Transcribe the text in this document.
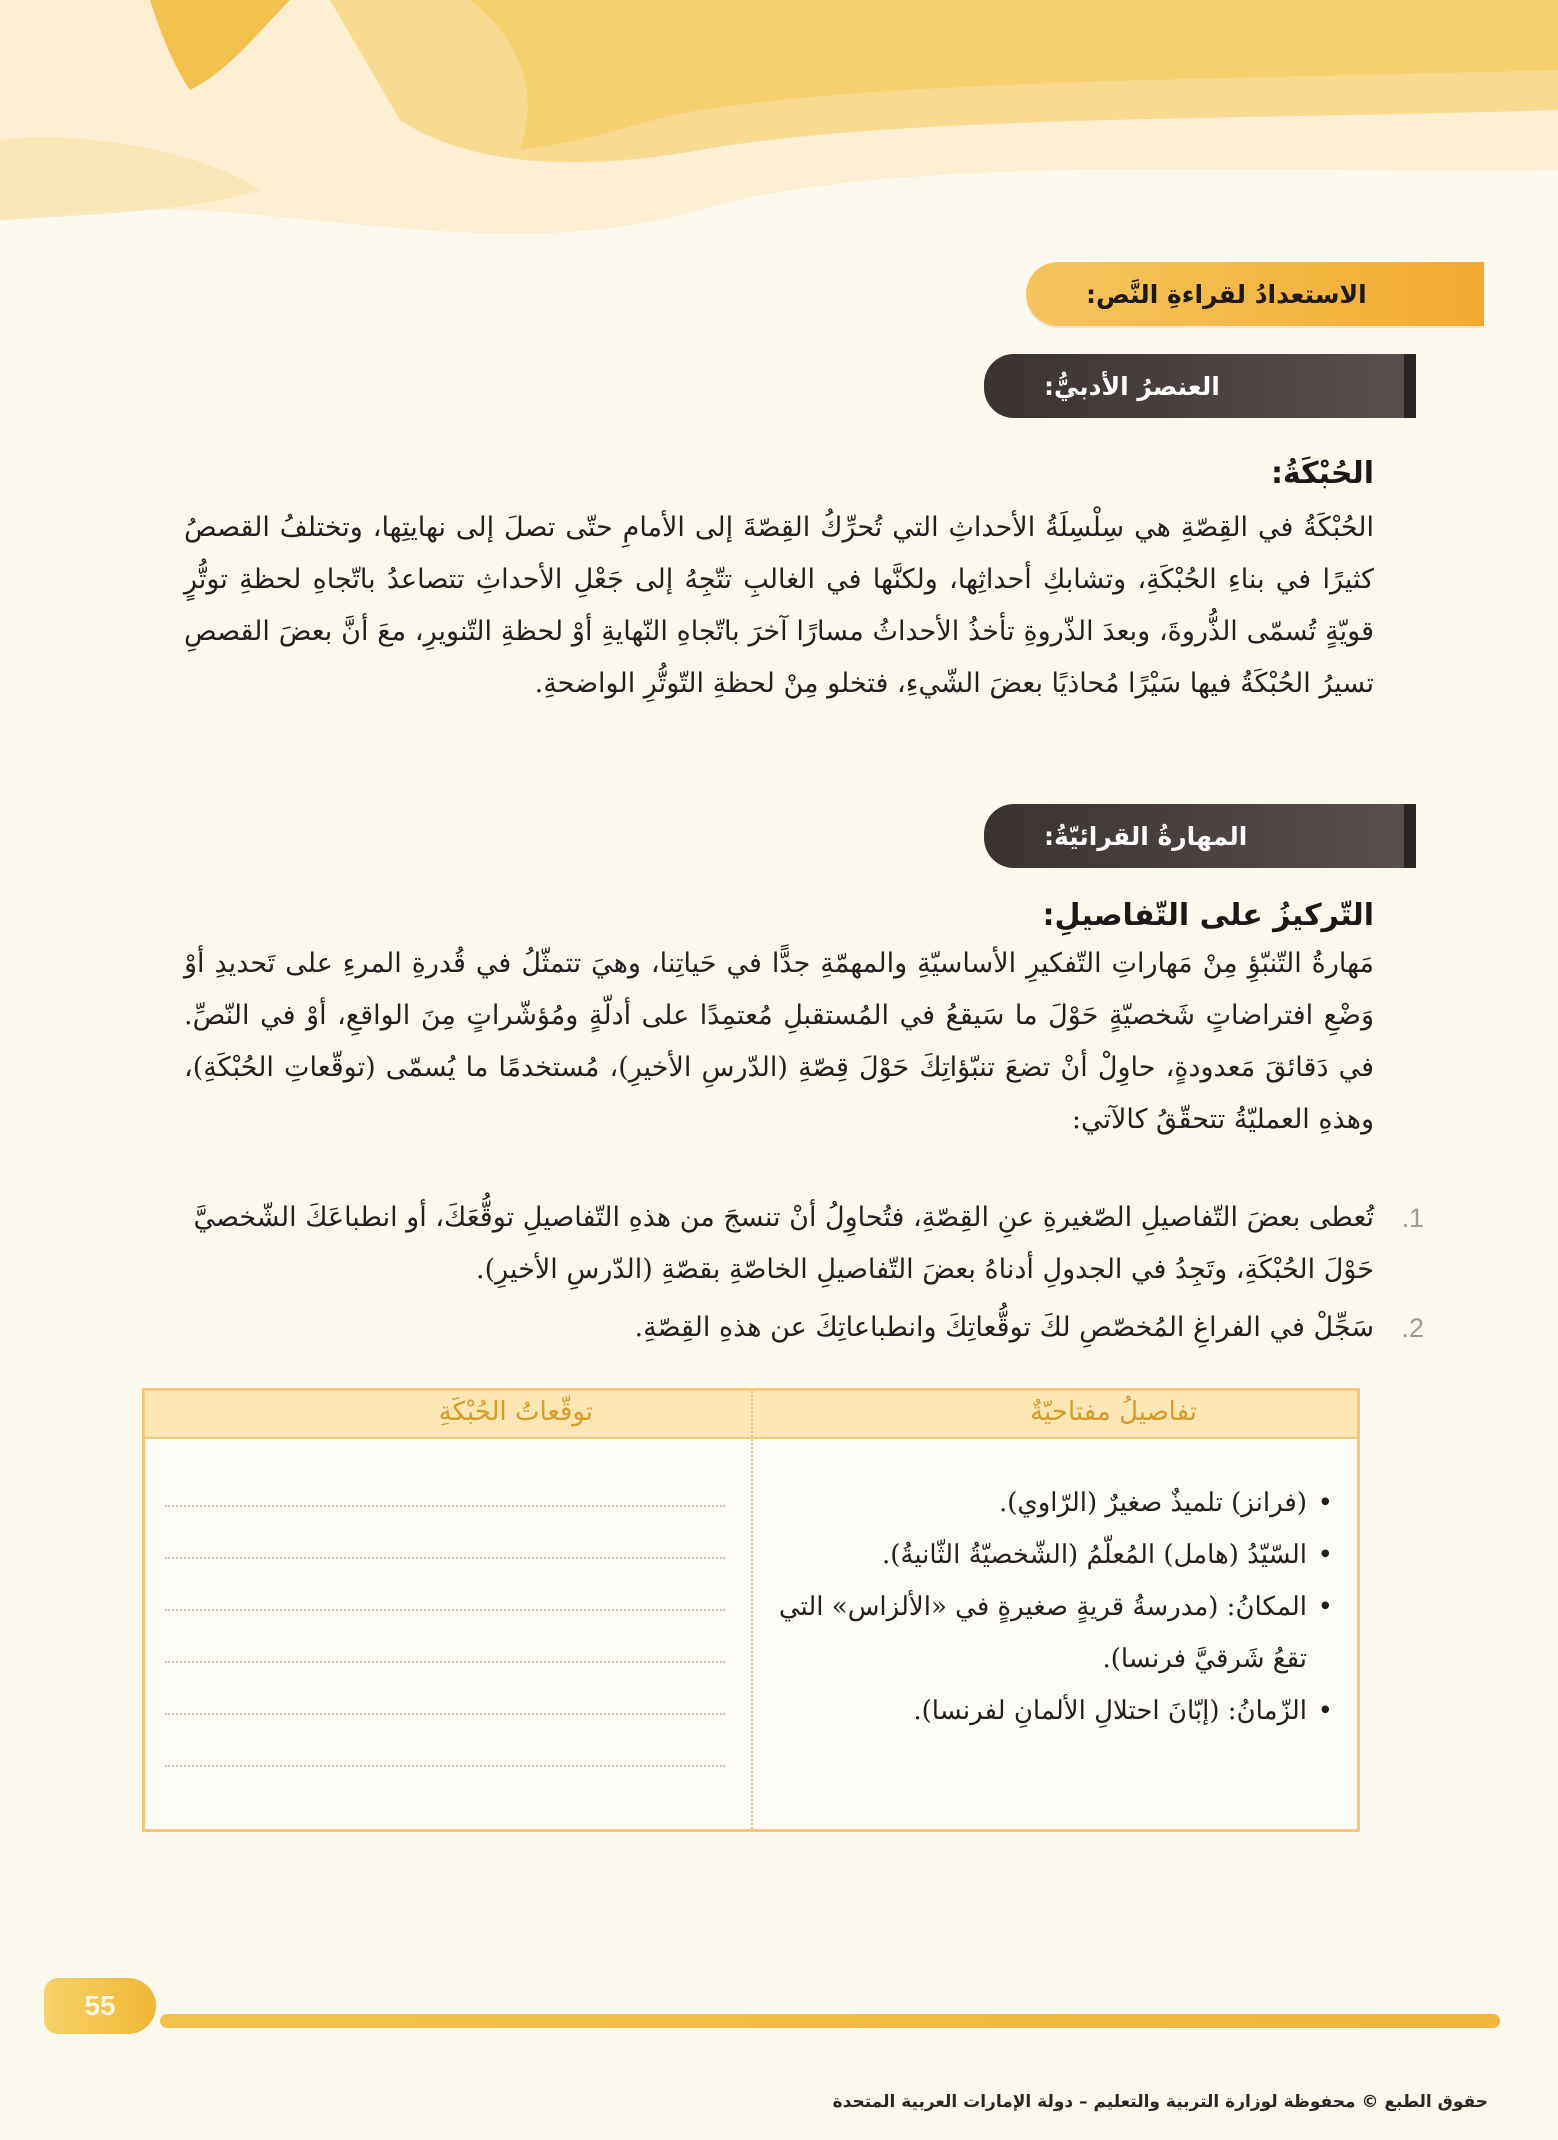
الاستعدادُ لقراءةِ النَّص:
العنصرُ الأدبيُّ:
الحُبْكَةُ:
الحُبْكَةُ في القِصّةِ هي سِلْسِلَةُ الأحداثِ التي تُحرِّكُ القِصّةَ إلى الأمامِ حتّى تصلَ إلى نهايتِها، وتختلفُ القصصُ كثيرًا في بناءِ الحُبْكَةِ، وتشابكِ أحداثِها، ولكنَّها في الغالبِ تتّجِهُ إلى جَعْلِ الأحداثِ تتصاعدُ باتّجاهِ لحظةِ توتُّرٍ قويّةٍ تُسمّى الذُّروةَ، وبعدَ الذّروةِ تأخذُ الأحداثُ مسارًا آخرَ باتّجاهِ النّهايةِ أوْ لحظةِ التّنويرِ، معَ أنَّ بعضَ القصصِ تسيرُ الحُبْكَةُ فيها سَيْرًا مُحاذيًا بعضَ الشّيءِ، فتخلو مِنْ لحظةِ التّوتُّرِ الواضحةِ.
المهارةُ القرائيّةُ:
التّركيزُ على التّفاصيلِ:
مَهارةُ التّنبّؤِ مِنْ مَهاراتِ التّفكيرِ الأساسيّةِ والمهمّةِ جدًّا في حَياتِنا، وهيَ تتمثّلُ في قُدرةِ المرءِ على تَحديدِ أوْ وَضْعِ افتراضاتٍ شَخصيّةٍ حَوْلَ ما سَيقعُ في المُستقبلِ مُعتمِدًا على أدلّةٍ ومُؤشّراتٍ مِنَ الواقعِ، أوْ في النّصِّ. في دَقائقَ مَعدودةٍ، حاوِلْ أنْ تضعَ تنبّؤاتِكَ حَوْلَ قِصّةِ (الدّرسِ الأخيرِ)، مُستخدمًا ما يُسمّى (توقّعاتِ الحُبْكَةِ)، وهذهِ العمليّةُ تتحقّقُ كالآتي:
1.
تُعطى بعضَ التّفاصيلِ الصّغيرةِ عنِ القِصّةِ، فتُحاوِلُ أنْ تنسجَ من هذهِ التّفاصيلِ توقُّعَكَ، أو انطباعَكَ الشّخصيَّ حَوْلَ الحُبْكَةِ، وتَجِدُ في الجدولِ أدناهُ بعضَ التّفاصيلِ الخاصّةِ بقصّةِ (الدّرسِ الأخيرِ).
2.
سَجِّلْ في الفراغِ المُخصّصِ لكَ توقُّعاتِكَ وانطباعاتِكَ عن هذهِ القِصّةِ.
تفاصيلُ مفتاحيّةٌ
توقّعاتُ الحُبْكَةِ
• (فرانز) تلميذٌ صغيرٌ (الرّاوي).
• السّيّدُ (هامل) المُعلّمُ (الشّخصيّةُ الثّانيةُ).
• المكانُ: (مدرسةُ قريةٍ صغيرةٍ في «الألزاس» التي تقعُ شَرقيَّ فرنسا).
• الزّمانُ: (إبّانَ احتلالِ الألمانِ لفرنسا).
55
حقوق الطبع © محفوظة لوزارة التربية والتعليم – دولة الإمارات العربية المتحدة
